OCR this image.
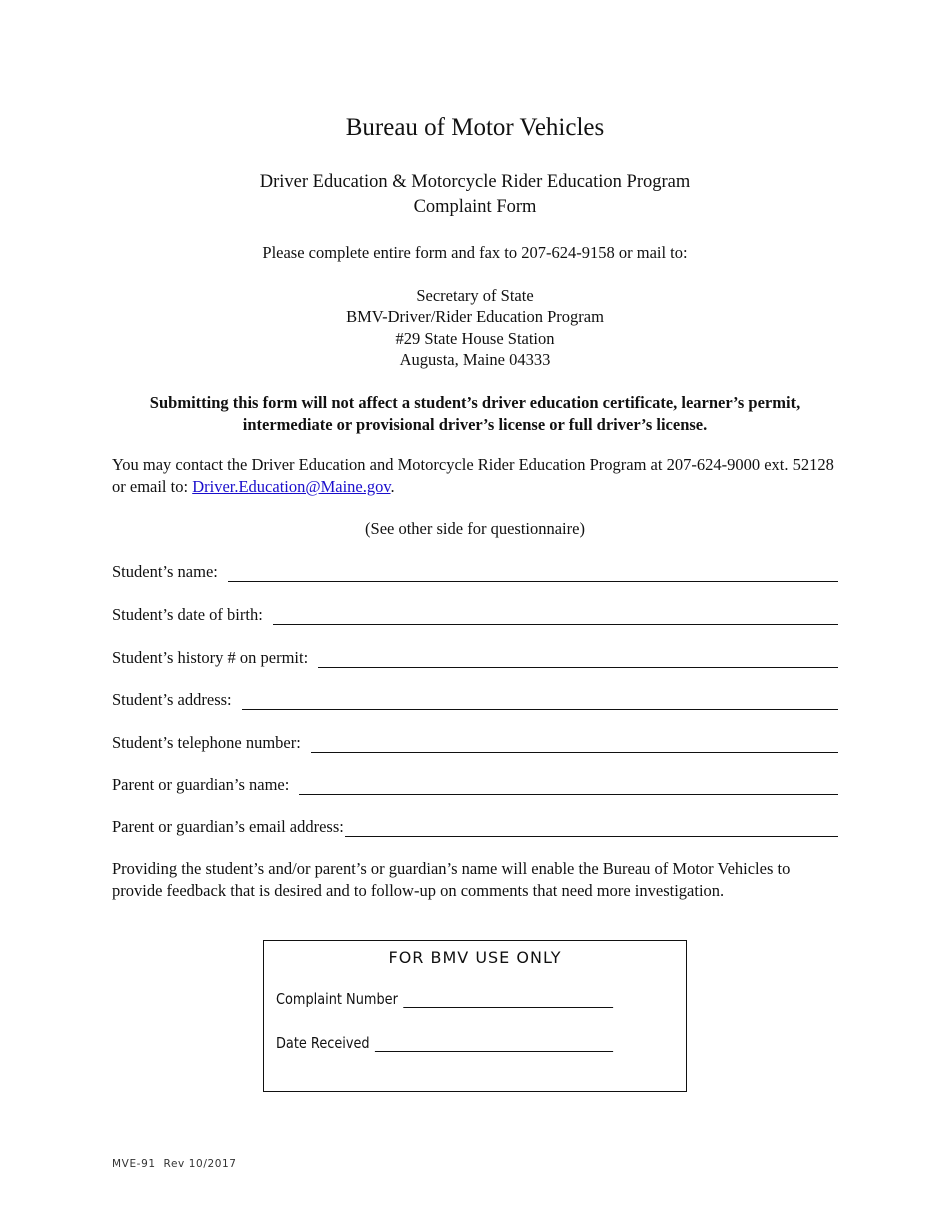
Bureau of Motor Vehicles
Driver Education & Motorcycle Rider Education Program
Complaint Form
Please complete entire form and fax to 207-624-9158 or mail to:
Secretary of State
BMV-Driver/Rider Education Program
#29 State House Station
Augusta, Maine 04333
Submitting this form will not affect a student’s driver education certificate, learner’s permit,
intermediate or provisional driver’s license or full driver’s license.
You may contact the Driver Education and Motorcycle Rider Education Program at 207-624-9000 ext. 52128 or email to: Driver.Education@Maine.gov.
(See other side for questionnaire)
Student’s name:
Student’s date of birth:
Student’s history # on permit:
Student’s address:
Student’s telephone number:
Parent or guardian’s name:
Parent or guardian’s email address:
Providing the student’s and/or parent’s or guardian’s name will enable the Bureau of Motor Vehicles to provide feedback that is desired and to follow-up on comments that need more investigation.
FOR BMV USE ONLY
Complaint Number
Date Received
MVE-91 Rev 10/2017
